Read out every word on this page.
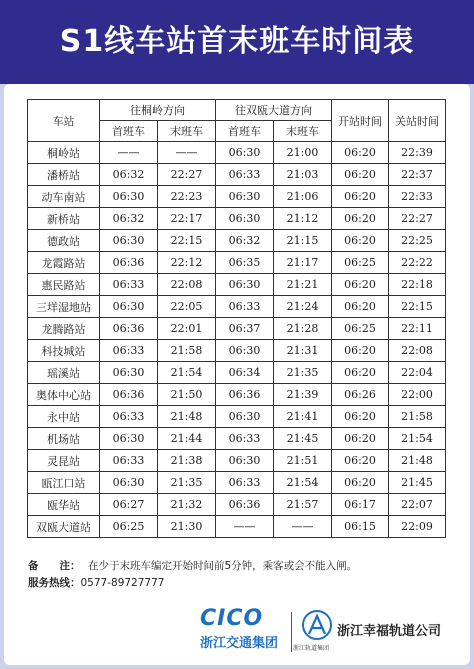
S1线车站首末班车时间表
车站	往桐岭方向		往双瓯大道方向		开站时间	关站时间
	首班车	末班车	首班车	末班车		
桐岭站	——	——	06:30	21:00	06:20	22:39
潘桥站	06:32	22:27	06:33	21:03	06:20	22:37
动车南站	06:30	22:23	06:30	21:06	06:20	22:33
新桥站	06:32	22:17	06:30	21:12	06:20	22:27
德政站	06:30	22:15	06:32	21:15	06:20	22:25
龙霞路站	06:36	22:12	06:35	21:17	06:25	22:22
惠民路站	06:33	22:08	06:30	21:21	06:20	22:18
三垟湿地站	06:30	22:05	06:33	21:24	06:20	22:15
龙腾路站	06:36	22:01	06:37	21:28	06:25	22:11
科技城站	06:33	21:58	06:30	21:31	06:20	22:08
瑶溪站	06:30	21:54	06:34	21:35	06:20	22:04
奥体中心站	06:36	21:50	06:36	21:39	06:26	22:00
永中站	06:33	21:48	06:30	21:41	06:20	21:58
机场站	06:30	21:44	06:33	21:45	06:20	21:54
灵昆站	06:33	21:38	06:30	21:51	06:20	21:48
瓯江口站	06:30	21:35	06:33	21:54	06:20	21:45
瓯华站	06:27	21:32	06:36	21:57	06:17	22:07
双瓯大道站	06:25	21:30	——	——	06:15	22:09
备　　注： 在少于末班车编定开始时间前5分钟，乘客或会不能入闸。
服务热线：0577-89727777
CICO
浙江交通集团 浙江轨道集团
浙江幸福轨道公司
